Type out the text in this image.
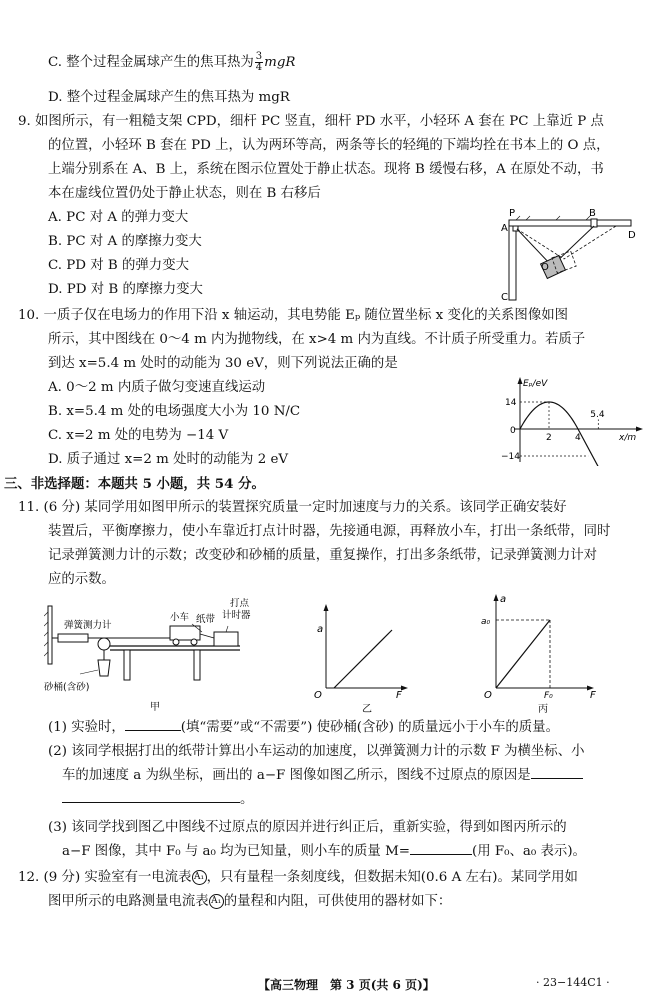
C. 整个过程金属球产生的焦耳热为 $\frac{3}{4}$ mgR
D. 整个过程金属球产生的焦耳热为 mgR
9. 如图所示，有一粗糙支架 CPD，细杆 PC 竖直，细杆 PD 水平，小轻环 A 套在 PC 上靠近 P 点
的位置，小轻环 B 套在 PD 上，认为两环等高，两条等长的轻绳的下端均拴在书本上的 O 点，
上端分别系在 A、B 上，系统在图示位置处于静止状态。现将 B 缓慢右移，A 在原处不动，书
本在虚线位置仍处于静止状态，则在 B 右移后
A. PC 对 A 的弹力变大
B. PC 对 A 的摩擦力变大
C. PD 对 B 的弹力变大
D. PD 对 B 的摩擦力变大
P
A
B
D
O
C
10. 一质子仅在电场力的作用下沿 x 轴运动，其电势能 Eₚ 随位置坐标 x 变化的关系图像如图
所示，其中图线在 0～4 m 内为抛物线，在 x>4 m 内为直线。不计质子所受重力。若质子
到达 x=5.4 m 处时的动能为 30 eV，则下列说法正确的是
A. 0～2 m 内质子做匀变速直线运动
B. x=5.4 m 处的电场强度大小为 10 N/C
C. x=2 m 处的电势为 −14 V
D. 质子通过 x=2 m 处时的动能为 2 eV
Eₚ/eV
x/m
0
14
−14
2	4
5.4
三、非选择题：本题共 5 小题，共 54 分。
11. (6 分) 某同学用如图甲所示的装置探究质量一定时加速度与力的关系。该同学正确安装好
装置后，平衡摩擦力，使小车靠近打点计时器，先接通电源，再释放小车，打出一条纸带，同时
记录弹簧测力计的示数；改变砂和砂桶的质量，重复操作，打出多条纸带，记录弹簧测力计对
应的示数。
弹簧测力计
小车 纸带
打点
计时器
砂桶(含砂)
甲
a
F
O
乙
a
a₀
F₀	F
O
丙
(1) 实验时，	(填“需要”或“不需要”) 使砂桶(含砂) 的质量远小于小车的质量。
(2) 该同学根据打出的纸带计算出小车运动的加速度，以弹簧测力计的示数 F 为横坐标、小
车的加速度 a 为纵坐标，画出的 a−F 图像如图乙所示，图线不过原点的原因是
。
(3) 该同学找到图乙中图线不过原点的原因并进行纠正后，重新实验，得到如图丙所示的
a−F 图像，其中 F₀ 与 a₀ 均为已知量，则小车的质量 M=	(用 F₀、a₀ 表示)。
12. (9 分) 实验室有一电流表 A₁ ，只有量程一条刻度线，但数据未知(0.6 A 左右)。某同学用如
图甲所示的电路测量电流表 A₁ 的量程和内阻，可供使用的器材如下：
【高三物理　第 3 页(共 6 页)】	· 23−144C1 ·
